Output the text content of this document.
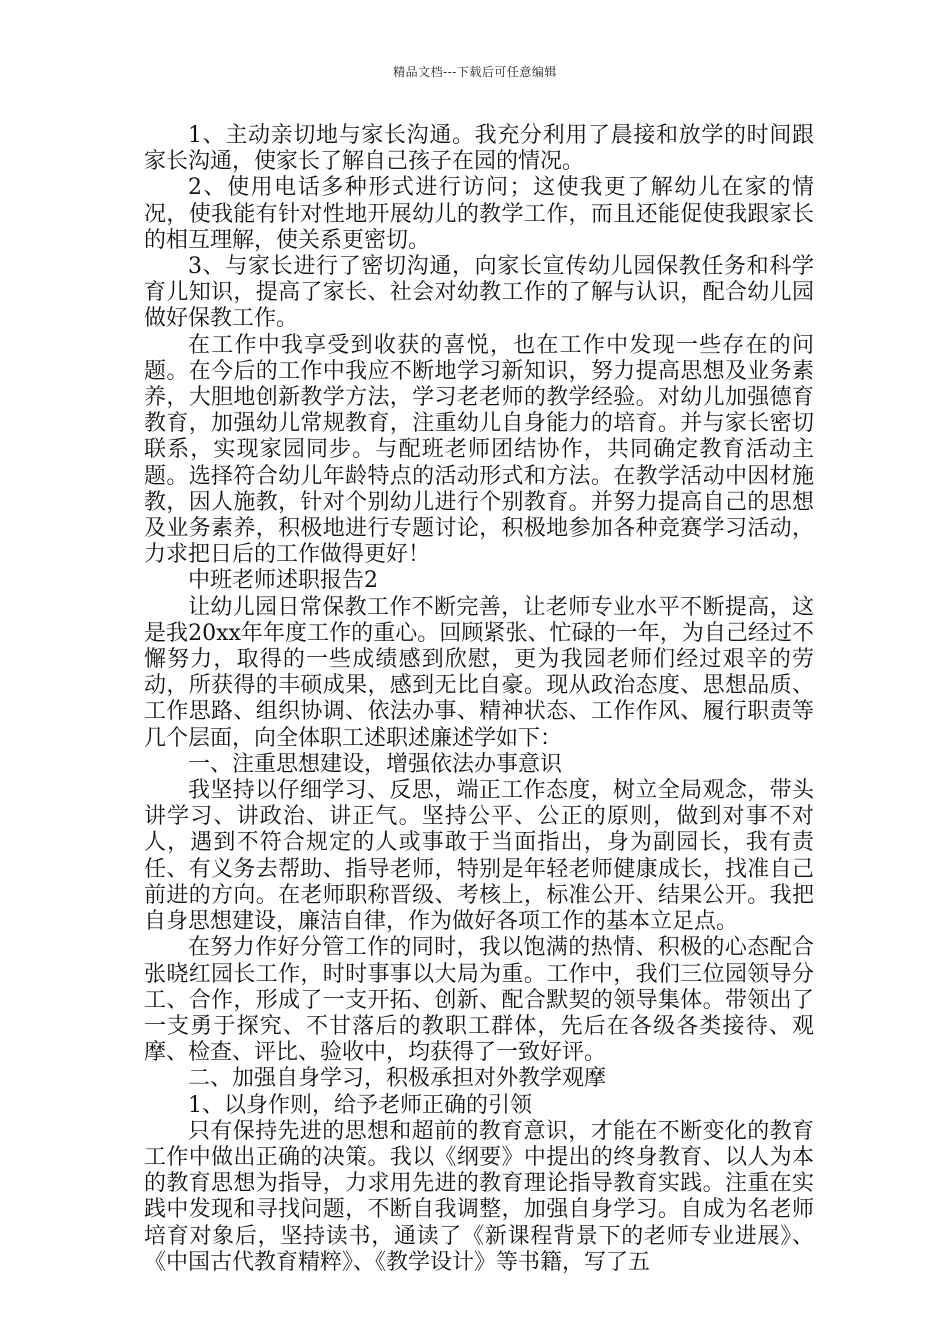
精品文档---下载后可任意编辑

1、主动亲切地与家长沟通。我充分利用了晨接和放学的时间跟家长沟通，使家长了解自己孩子在园的情况。

2、使用电话多种形式进行访问；这使我更了解幼儿在家的情况，使我能有针对性地开展幼儿的教学工作，而且还能促使我跟家长的相互理解，使关系更密切。

3、与家长进行了密切沟通，向家长宣传幼儿园保教任务和科学育儿知识，提高了家长、社会对幼教工作的了解与认识，配合幼儿园做好保教工作。

在工作中我享受到收获的喜悦，也在工作中发现一些存在的问题。在今后的工作中我应不断地学习新知识，努力提高思想及业务素养，大胆地创新教学方法，学习老老师的教学经验。对幼儿加强德育教育，加强幼儿常规教育，注重幼儿自身能力的培育。并与家长密切联系，实现家园同步。与配班老师团结协作，共同确定教育活动主题。选择符合幼儿年龄特点的活动形式和方法。在教学活动中因材施教，因人施教，针对个别幼儿进行个别教育。并努力提高自己的思想及业务素养，积极地进行专题讨论，积极地参加各种竞赛学习活动，力求把日后的工作做得更好！

中班老师述职报告2

让幼儿园日常保教工作不断完善，让老师专业水平不断提高，这是我20xx年年度工作的重心。回顾紧张、忙碌的一年，为自己经过不懈努力，取得的一些成绩感到欣慰，更为我园老师们经过艰辛的劳动，所获得的丰硕成果，感到无比自豪。现从政治态度、思想品质、工作思路、组织协调、依法办事、精神状态、工作作风、履行职责等几个层面，向全体职工述职述廉述学如下：

一、注重思想建设，增强依法办事意识

我坚持以仔细学习、反思，端正工作态度，树立全局观念，带头讲学习、讲政治、讲正气。坚持公平、公正的原则，做到对事不对人，遇到不符合规定的人或事敢于当面指出，身为副园长，我有责任、有义务去帮助、指导老师，特别是年轻老师健康成长，找准自己前进的方向。在老师职称晋级、考核上，标准公开、结果公开。我把自身思想建设，廉洁自律，作为做好各项工作的基本立足点。

在努力作好分管工作的同时，我以饱满的热情、积极的心态配合张晓红园长工作，时时事事以大局为重。工作中，我们三位园领导分工、合作，形成了一支开拓、创新、配合默契的领导集体。带领出了一支勇于探究、不甘落后的教职工群体，先后在各级各类接待、观摩、检查、评比、验收中，均获得了一致好评。

二、加强自身学习，积极承担对外教学观摩

1、以身作则，给予老师正确的引领

只有保持先进的思想和超前的教育意识，才能在不断变化的教育工作中做出正确的决策。我以《纲要》中提出的终身教育、以人为本的教育思想为指导，力求用先进的教育理论指导教育实践。注重在实践中发现和寻找问题，不断自我调整，加强自身学习。自成为名老师培育对象后，坚持读书，通读了《新课程背景下的老师专业进展》、《中国古代教育精粹》、《教学设计》等书籍，写了五
